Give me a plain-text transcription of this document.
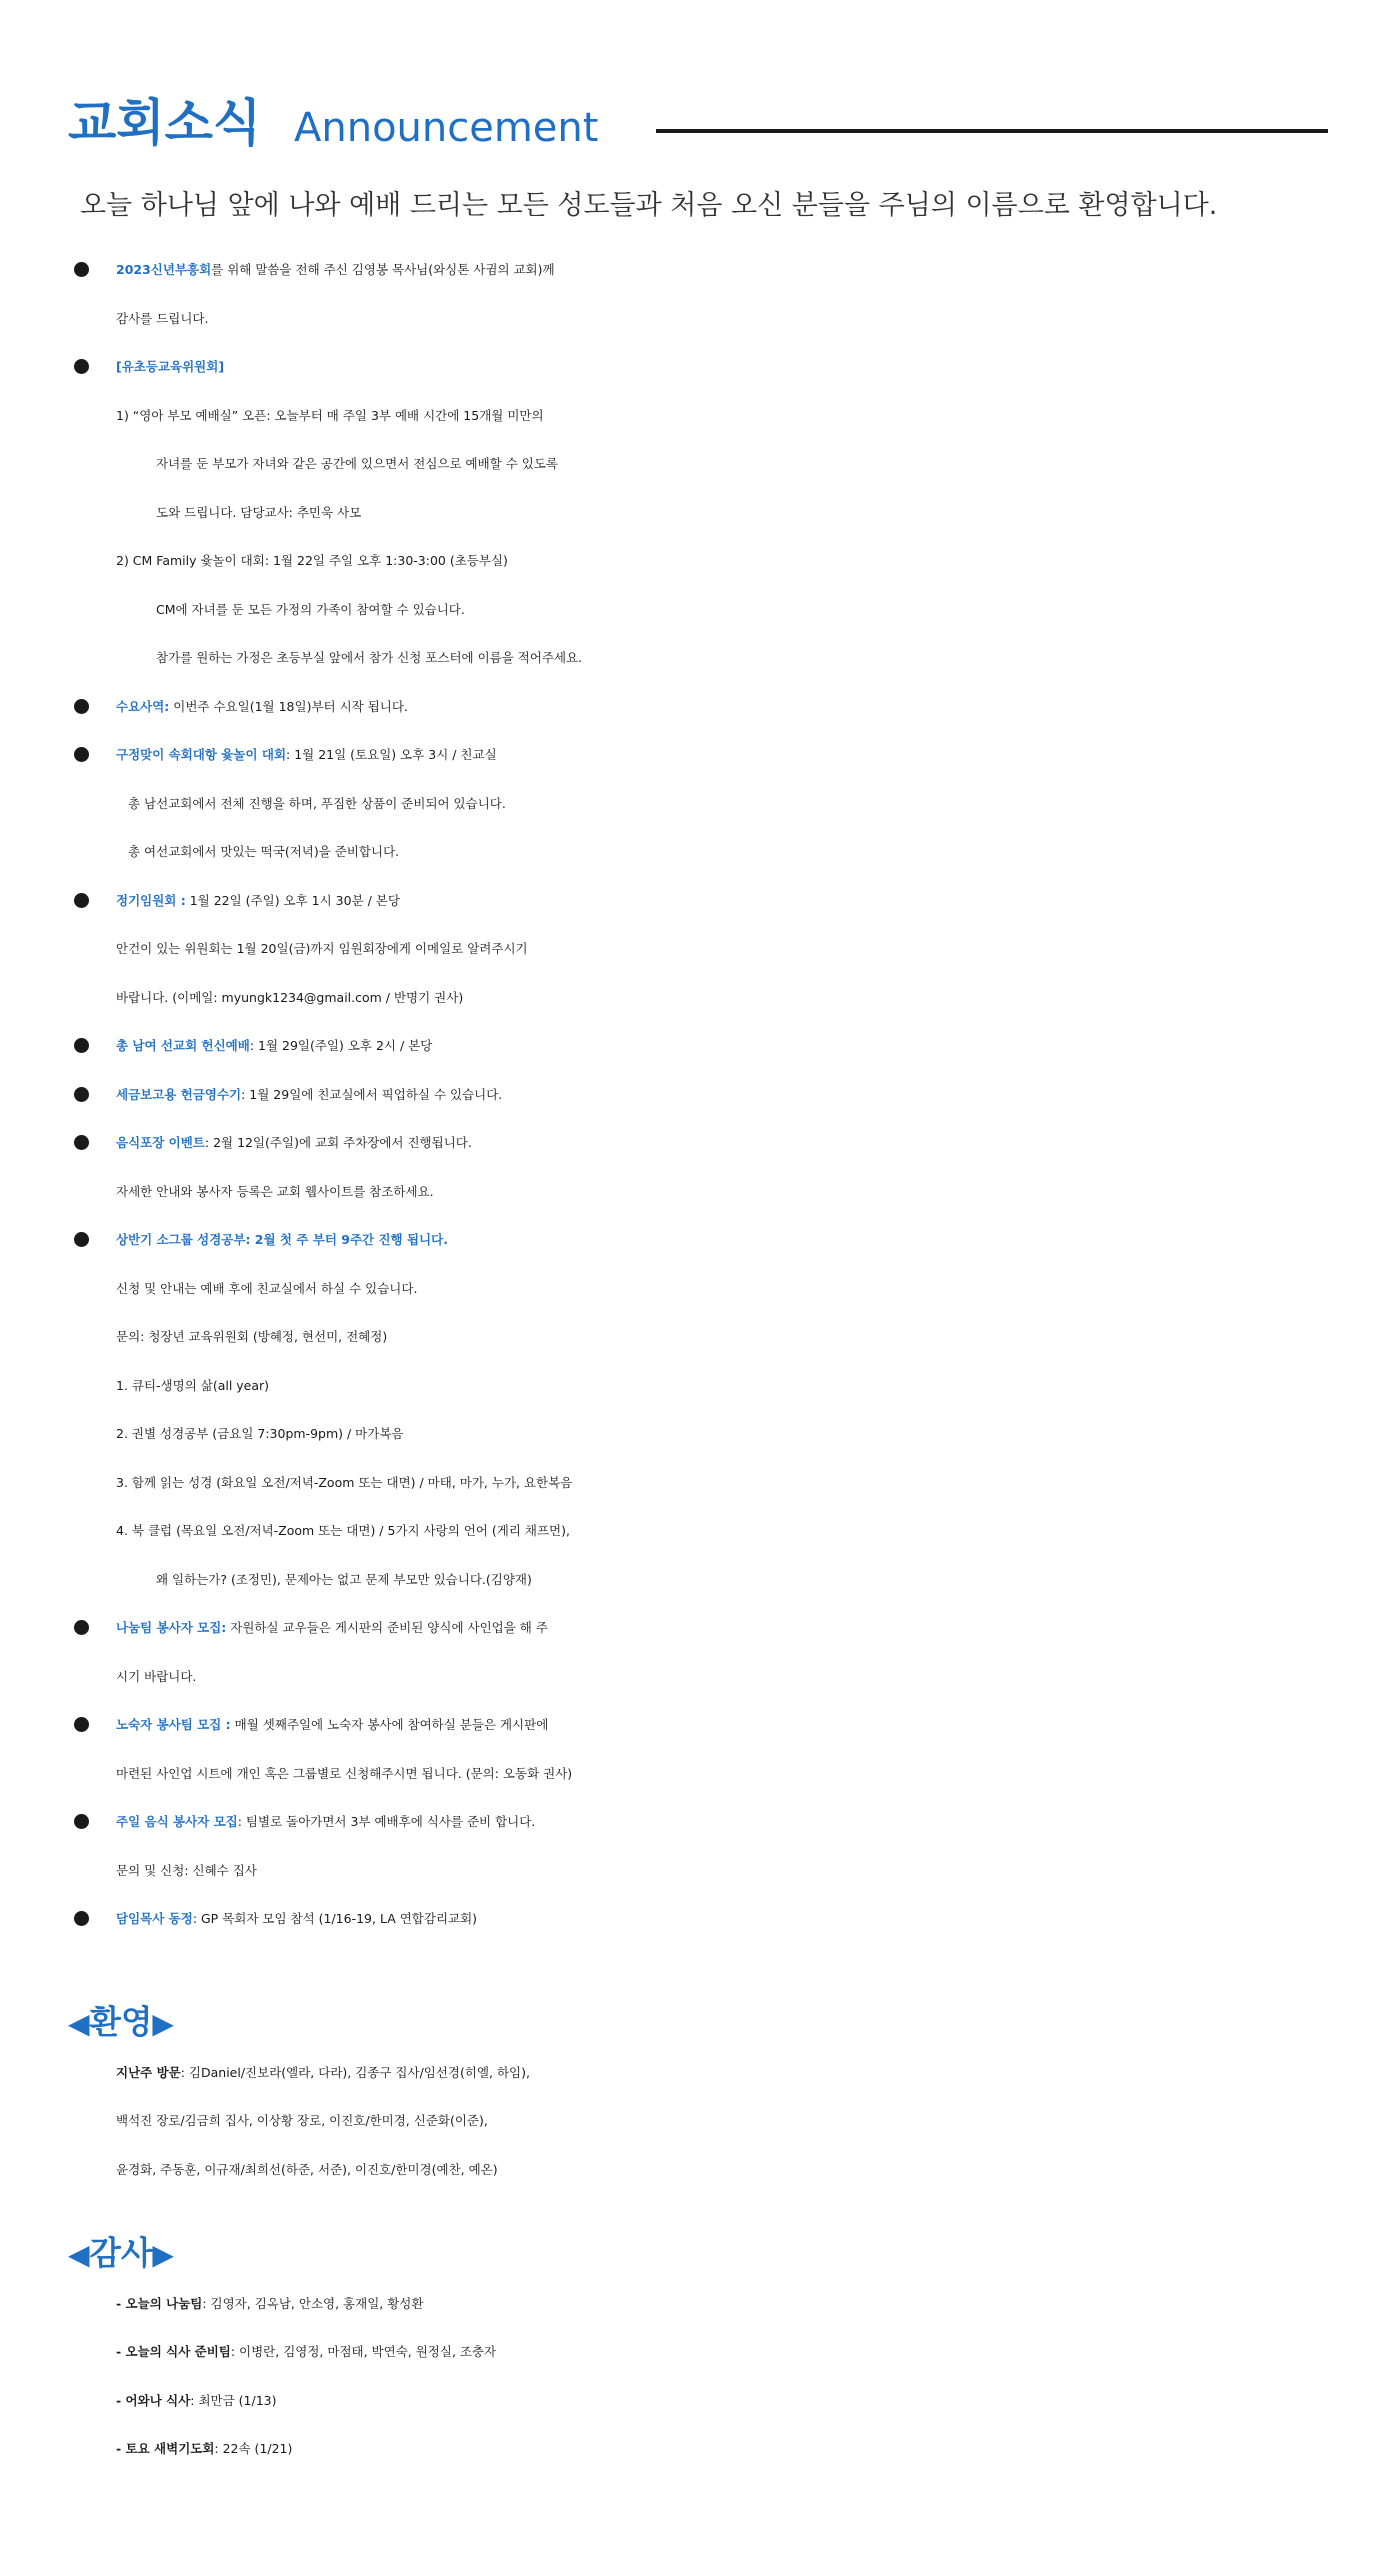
교회소식 Announcement
오늘 하나님 앞에 나와 예배 드리는 모든 성도들과 처음 오신 분들을 주님의 이름으로 환영합니다.
2023신년부흥회를 위해 말씀을 전해 주신 김영봉 목사님(와싱톤 사귐의 교회)께
감사를 드립니다.
[유초등교육위원회]
1) “영아 부모 예배실” 오픈: 오늘부터 매 주일 3부 예배 시간에 15개월 미만의
자녀를 둔 부모가 자녀와 같은 공간에 있으면서 전심으로 예배할 수 있도록
도와 드립니다. 담당교사: 추민욱 사모
2) CM Family 윷놀이 대회: 1월 22일 주일 오후 1:30-3:00 (초등부실)
CM에 자녀를 둔 모든 가정의 가족이 참여할 수 있습니다.
참가를 원하는 가정은 초등부실 앞에서 참가 신청 포스터에 이름을 적어주세요.
수요사역: 이번주 수요일(1월 18일)부터 시작 됩니다.
구정맞이 속회대항 윷놀이 대회: 1월 21일 (토요일) 오후 3시 / 친교실
총 남선교회에서 전체 진행을 하며, 푸짐한 상품이 준비되어 있습니다.
총 여선교회에서 맛있는 떡국(저녁)을 준비합니다.
정기임원회 : 1월 22일 (주일) 오후 1시 30분 / 본당
안건이 있는 위원회는 1월 20일(금)까지 임원회장에게 이메일로 알려주시기
바랍니다. (이메일: myungk1234@gmail.com / 반명기 권사)
총 남여 선교회 헌신예배: 1월 29일(주일) 오후 2시 / 본당
세금보고용 헌금영수기: 1월 29일에 친교실에서 픽업하실 수 있습니다.
음식포장 이벤트: 2월 12일(주일)에 교회 주차장에서 진행됩니다.
자세한 안내와 봉사자 등록은 교회 웹사이트를 참조하세요.
상반기 소그룹 성경공부: 2월 첫 주 부터 9주간 진행 됩니다.
신청 및 안내는 예배 후에 친교실에서 하실 수 있습니다.
문의: 청장년 교육위원회 (방혜정, 현선미, 전혜정)
1. 큐티-생명의 삶(all year)
2. 권별 성경공부 (금요일 7:30pm-9pm) / 마가복음
3. 함께 읽는 성경 (화요일 오전/저녁-Zoom 또는 대면) / 마태, 마가, 누가, 요한복음
4. 북 클럽 (목요일 오전/저녁-Zoom 또는 대면) / 5가지 사랑의 언어 (게리 채프먼),
왜 일하는가? (조정민), 문제아는 없고 문제 부모만 있습니다.(김양재)
나눔팀 봉사자 모집: 자원하실 교우들은 게시판의 준비된 양식에 사인업을 해 주
시기 바랍니다.
노숙자 봉사팀 모집 : 매월 셋째주일에 노숙자 봉사에 참여하실 분들은 게시판에
마련된 사인업 시트에 개인 혹은 그룹별로 신청해주시면 됩니다. (문의: 오동화 권사)
주일 음식 봉사자 모집: 팀별로 돌아가면서 3부 예배후에 식사를 준비 합니다.
문의 및 신청: 신혜수 집사
담임목사 동정: GP 목회자 모임 참석 (1/16-19, LA 연합감리교회)
◀환영▶
지난주 방문: 김Daniel/진보라(엘라, 다라), 김종구 집사/임선경(히엘, 하임),
백석진 장로/김금희 집사, 이상황 장로, 이진호/한미경, 신준화(이준),
윤경화, 주동훈, 이규재/최희선(하준, 서준), 이진호/한미경(예찬, 예온)
◀감사▶
- 오늘의 나눔팀: 김영자, 김옥남, 안소영, 홍재일, 황성환
- 오늘의 식사 준비팀: 이병란, 김영정, 마점태, 박연숙, 원정실, 조충자
- 어와나 식사: 최만금 (1/13)
- 토요 새벽기도회: 22속 (1/21)
